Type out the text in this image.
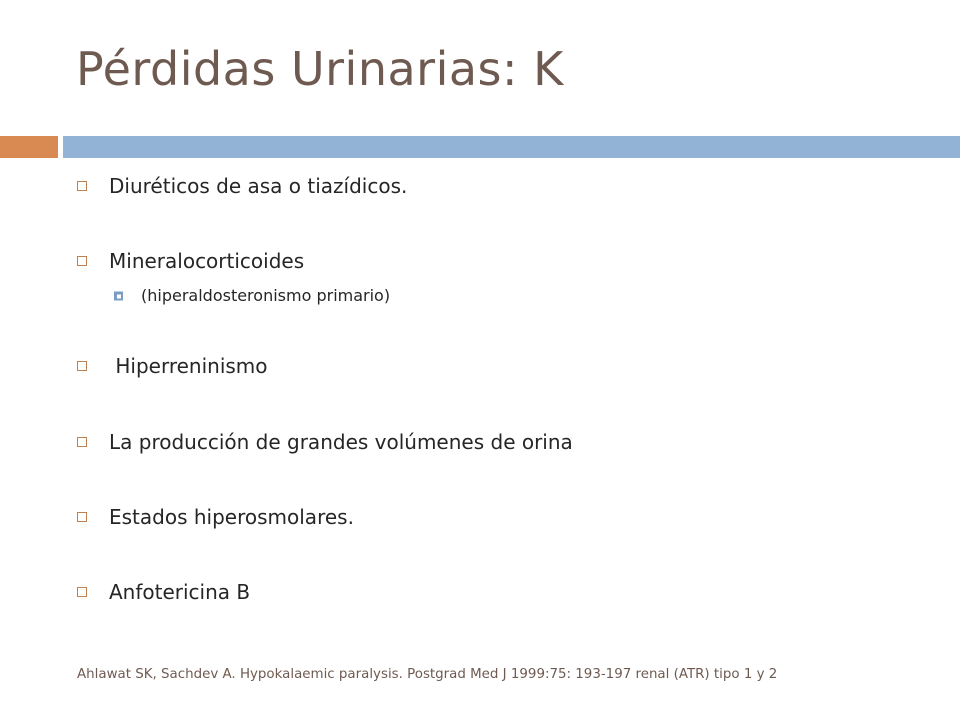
Pérdidas Urinarias: K
Diuréticos de asa o tiazídicos.
Mineralocorticoides
(hiperaldosteronismo primario)
Hiperreninismo
La producción de grandes volúmenes de orina
Estados hiperosmolares.
Anfotericina B
Ahlawat SK, Sachdev A. Hypokalaemic paralysis. Postgrad Med J 1999:75: 193-197 renal (ATR) tipo 1 y 2
